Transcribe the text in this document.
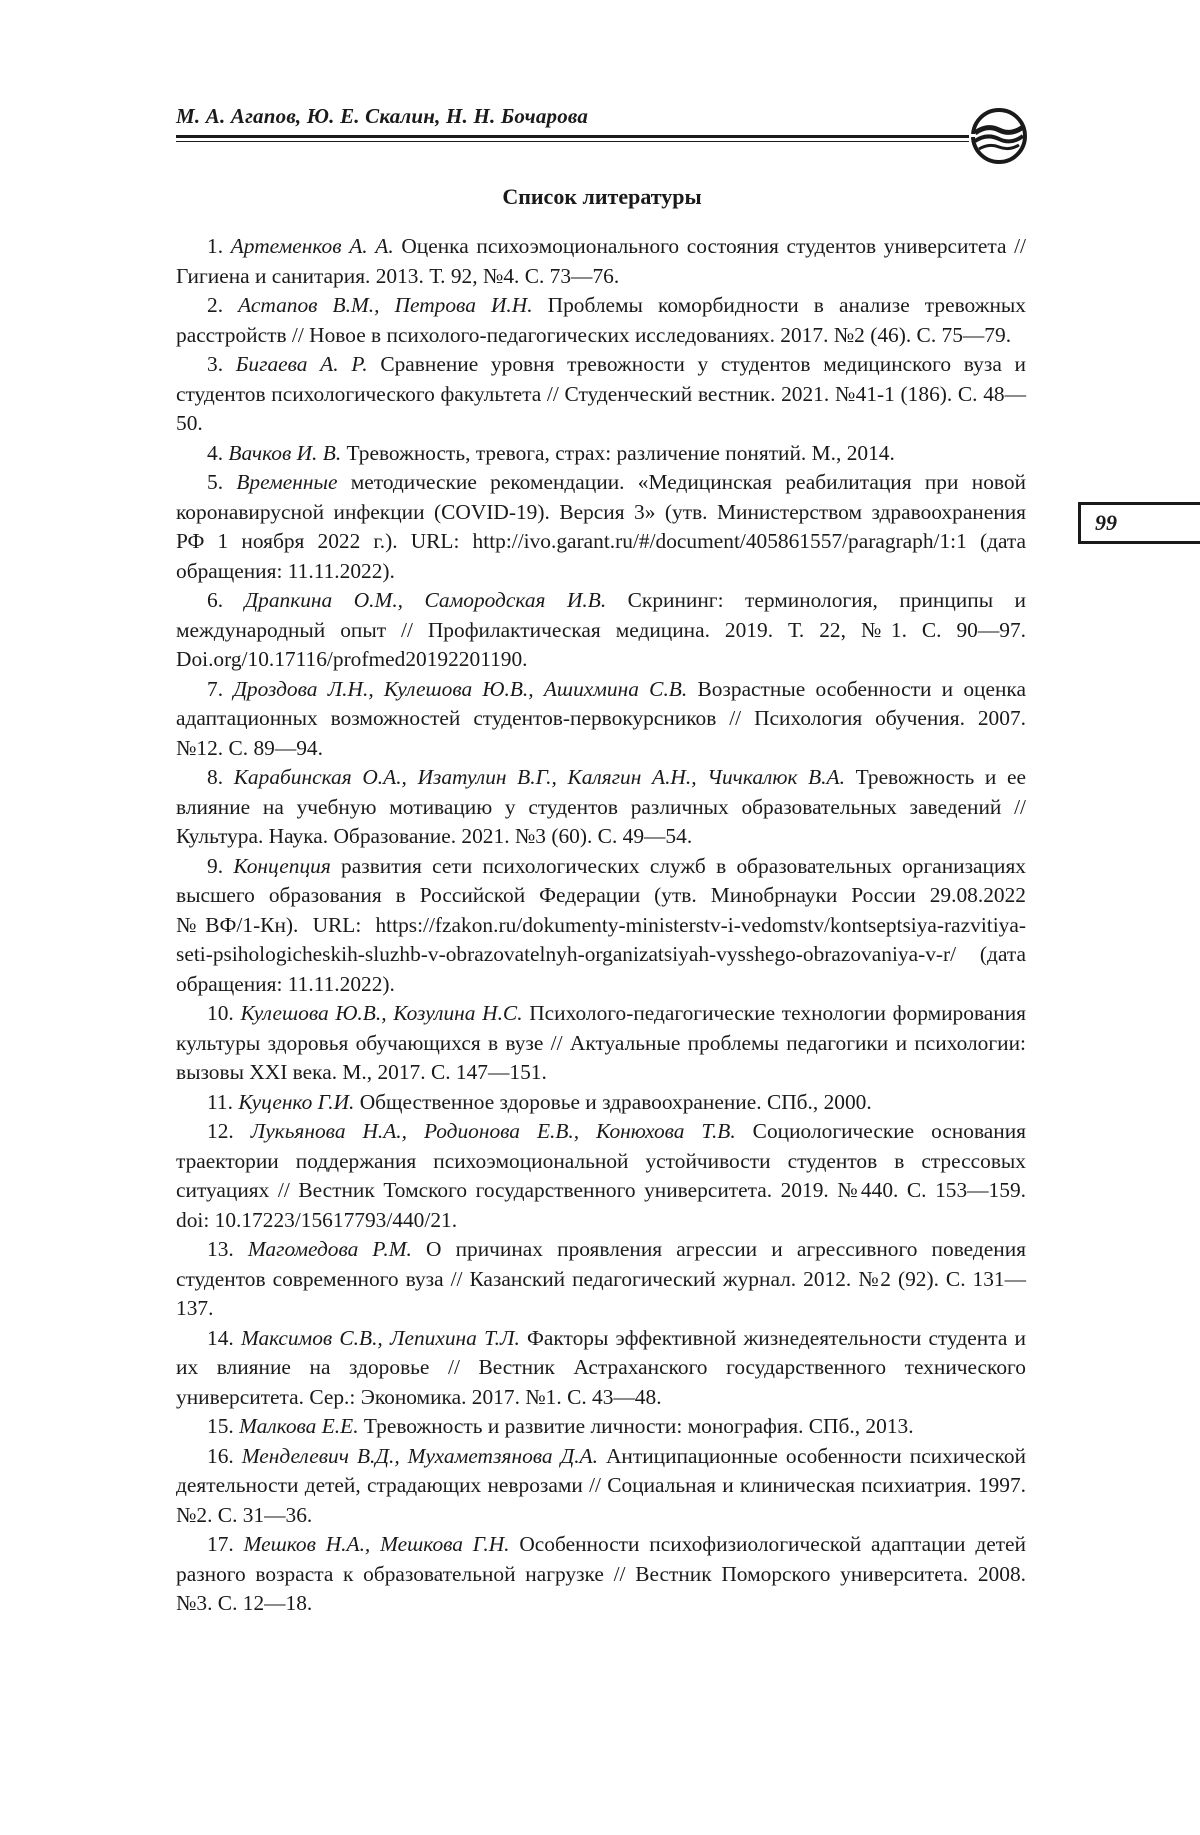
М. А. Агапов, Ю. Е. Скалин, Н. Н. Бочарова
Список литературы

1. Артеменков А. А. Оценка психоэмоционального состояния студентов университета // Гигиена и санитария. 2013. Т. 92, №4. С. 73—76.

2. Астапов В.М., Петрова И.Н. Проблемы коморбидности в анализе тревожных расстройств // Новое в психолого-педагогических исследованиях. 2017. №2 (46). С. 75—79.

3. Бигаева А. Р. Сравнение уровня тревожности у студентов медицинского вуза и студентов психологического факультета // Студенческий вестник. 2021. №41-1 (186). С. 48—50.

4. Вачков И. В. Тревожность, тревога, страх: различение понятий. М., 2014.

5. Временные методические рекомендации. «Медицинская реабилитация при новой коронавирусной инфекции (COVID-19). Версия 3» (утв. Министерством здравоохранения РФ 1 ноября 2022 г.). URL: http://ivo.garant.ru/#/document/405861557/paragraph/1:1 (дата обращения: 11.11.2022).

6. Драпкина О.М., Самородская И.В. Скрининг: терминология, принципы и международный опыт // Профилактическая медицина. 2019. Т. 22, №1. С. 90—97. Doi.org/10.17116/profmed20192201190.

7. Дроздова Л.Н., Кулешова Ю.В., Ашихмина С.В. Возрастные особенности и оценка адаптационных возможностей студентов-первокурсников // Психология обучения. 2007. №12. С. 89—94.

8. Карабинская О.А., Изатулин В.Г., Калягин А.Н., Чичкалюк В.А. Тревожность и ее влияние на учебную мотивацию у студентов различных образовательных заведений // Культура. Наука. Образование. 2021. №3 (60). С. 49—54.

9. Концепция развития сети психологических служб в образовательных организациях высшего образования в Российской Федерации (утв. Минобрнауки России 29.08.2022 №ВФ/1-Кн). URL: https://fzakon.ru/dokumenty-ministerstv-i-vedomstv/kontseptsiya-razvitiya-seti-psihologicheskih-sluzhb-v-obrazovatelnyh-organizatsiyah-vysshego-obrazovaniya-v-r/ (дата обращения: 11.11.2022).

10. Кулешова Ю.В., Козулина Н.С. Психолого-педагогические технологии формирования культуры здоровья обучающихся в вузе // Актуальные проблемы педагогики и психологии: вызовы XXI века. М., 2017. С. 147—151.

11. Куценко Г.И. Общественное здоровье и здравоохранение. СПб., 2000.

12. Лукьянова Н.А., Родионова Е.В., Конюхова Т.В. Социологические основания траектории поддержания психоэмоциональной устойчивости студентов в стрессовых ситуациях // Вестник Томского государственного университета. 2019. №440. С. 153—159. doi: 10.17223/15617793/440/21.

13. Магомедова Р.М. О причинах проявления агрессии и агрессивного поведения студентов современного вуза // Казанский педагогический журнал. 2012. №2 (92). С. 131—137.

14. Максимов С.В., Лепихина Т.Л. Факторы эффективной жизнедеятельности студента и их влияние на здоровье // Вестник Астраханского государственного технического университета. Сер.: Экономика. 2017. №1. С. 43—48.

15. Малкова Е.Е. Тревожность и развитие личности: монография. СПб., 2013.

16. Менделевич В.Д., Мухаметзянова Д.А. Антиципационные особенности психической деятельности детей, страдающих неврозами // Социальная и клиническая психиатрия. 1997. №2. С. 31—36.

17. Мешков Н.А., Мешкова Г.Н. Особенности психофизиологической адаптации детей разного возраста к образовательной нагрузке // Вестник Поморского университета. 2008. №3. С. 12—18.

99
